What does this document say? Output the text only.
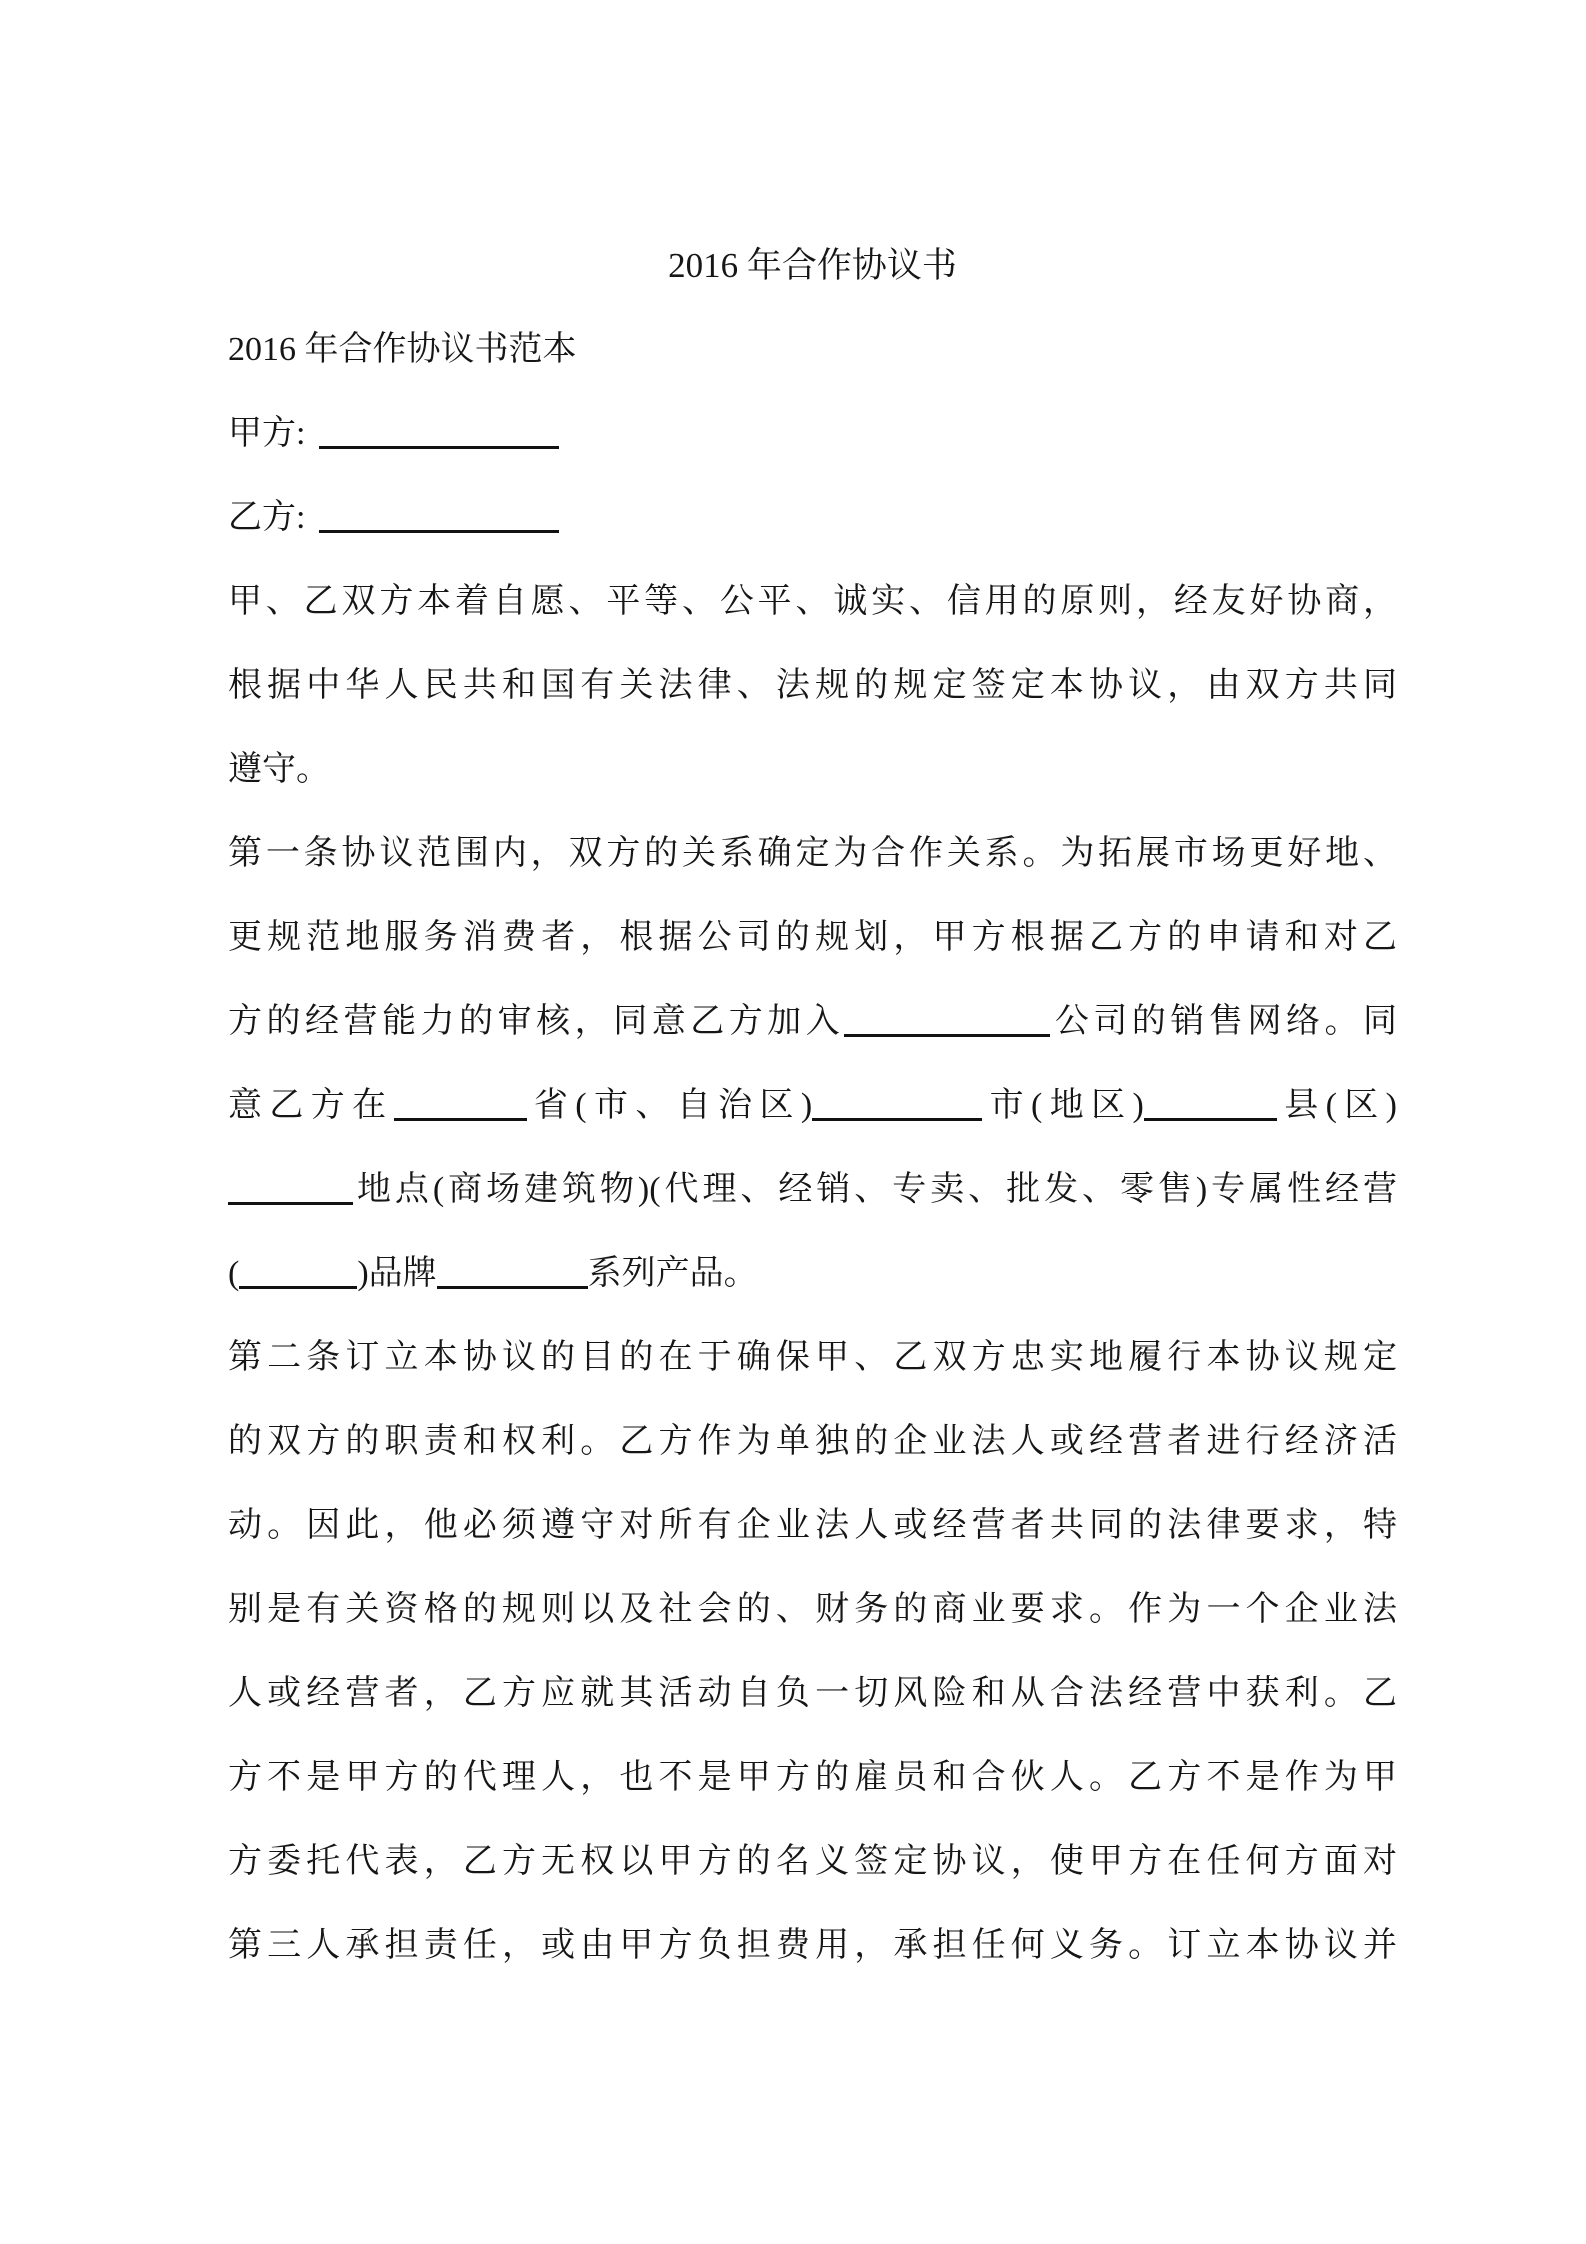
2016 年合作协议书
2016 年合作协议书范本
甲方:
乙方:
甲、乙双方本着自愿、平等、公平、诚实、信用的原则，经友好协商，
根据中华人民共和国有关法律、法规的规定签定本协议，由双方共同
遵守。
第一条协议范围内，双方的关系确定为合作关系。为拓展市场更好地、
更规范地服务消费者，根据公司的规划，甲方根据乙方的申请和对乙
方的经营能力的审核，同意乙方加入	公司的销售网络。同
意乙方在	省(市、自治区)	市(地区)	县(区)
地点(商场建筑物)(代理、经销、专卖、批发、零售)专属性经营
(	)品牌	系列产品。
第二条订立本协议的目的在于确保甲、乙双方忠实地履行本协议规定
的双方的职责和权利。乙方作为单独的企业法人或经营者进行经济活
动。因此，他必须遵守对所有企业法人或经营者共同的法律要求，特
别是有关资格的规则以及社会的、财务的商业要求。作为一个企业法
人或经营者，乙方应就其活动自负一切风险和从合法经营中获利。乙
方不是甲方的代理人，也不是甲方的雇员和合伙人。乙方不是作为甲
方委托代表，乙方无权以甲方的名义签定协议，使甲方在任何方面对
第三人承担责任，或由甲方负担费用，承担任何义务。订立本协议并
